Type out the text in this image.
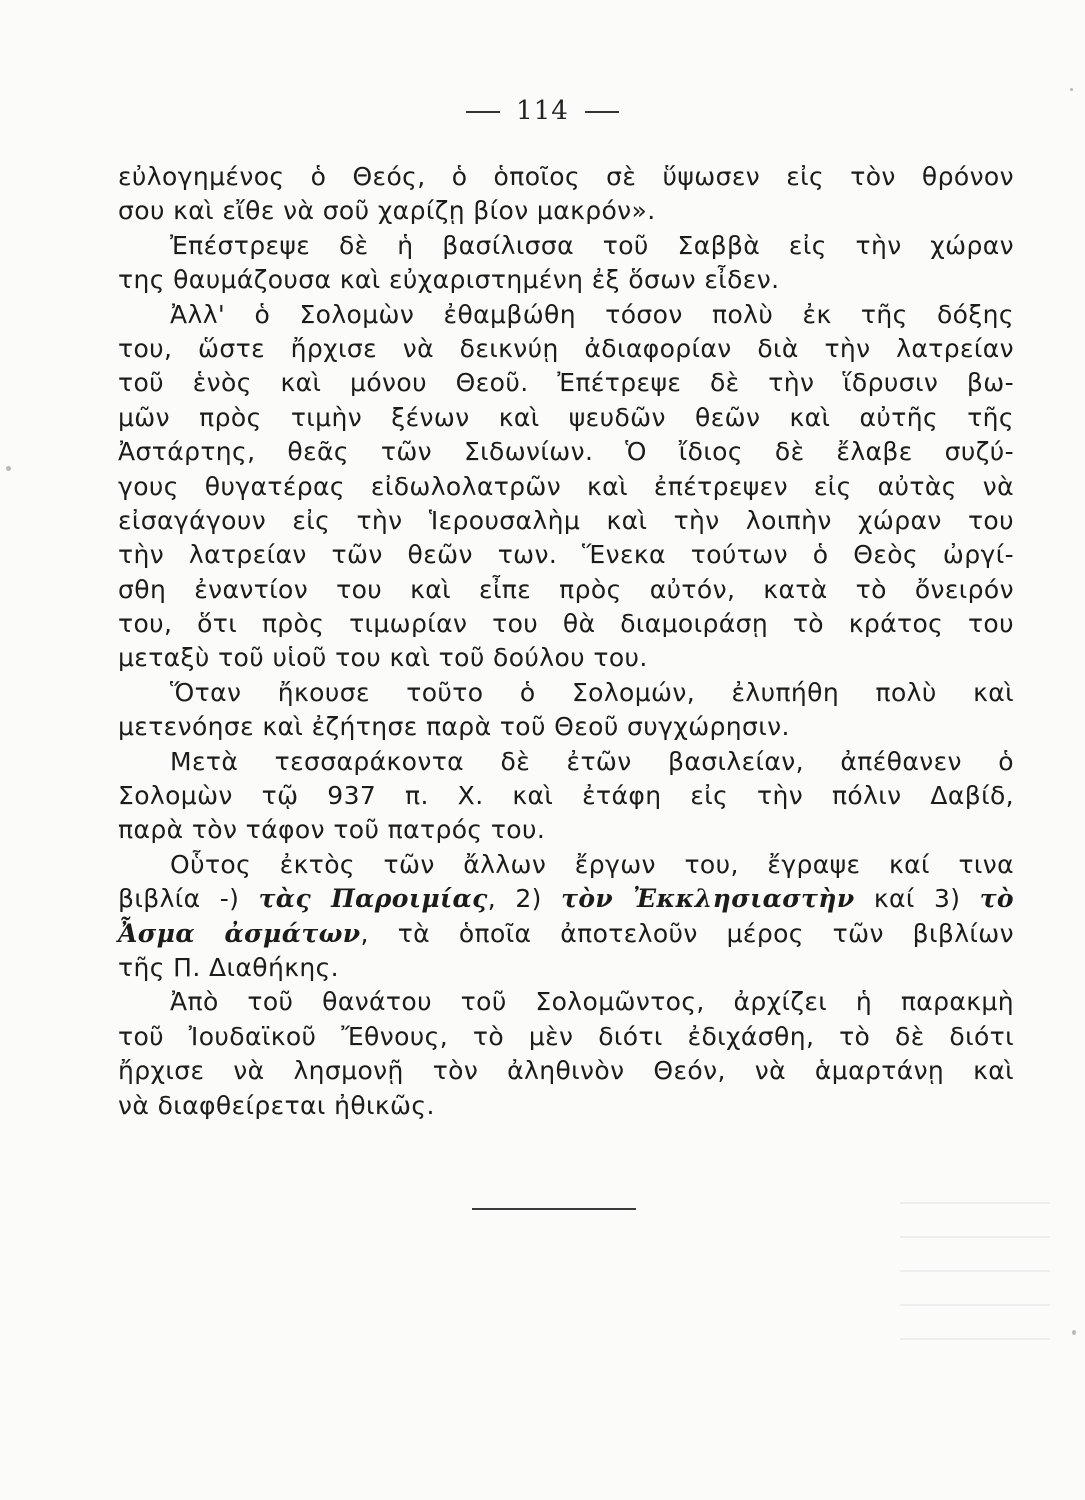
114
εὐλογημένος ὁ Θεός, ὁ ὁποῖος σὲ ὕψωσεν εἰς τὸν θρόνον
σου καὶ εἴθε νὰ σοῦ χαρίζῃ βίον μακρόν».
Ἐπέστρεψε δὲ ἡ βασίλισσα τοῦ Σαββὰ εἰς τὴν χώραν
της θαυμάζουσα καὶ εὐχαριστημένη ἐξ ὅσων εἶδεν.
Ἀλλ' ὁ Σολομὼν ἐθαμβώθη τόσον πολὺ ἐκ τῆς δόξης
του, ὥστε ἤρχισε νὰ δεικνύῃ ἀδιαφορίαν διὰ τὴν λατρείαν
τοῦ ἑνὸς καὶ μόνου Θεοῦ. Ἐπέτρεψε δὲ τὴν ἵδρυσιν βω-
μῶν πρὸς τιμὴν ξένων καὶ ψευδῶν θεῶν καὶ αὐτῆς τῆς
Ἀστάρτης, θεᾶς τῶν Σιδωνίων. Ὁ ἴδιος δὲ ἔλαβε συζύ-
γους θυγατέρας εἰδωλολατρῶν καὶ ἐπέτρεψεν εἰς αὐτὰς νὰ
εἰσαγάγουν εἰς τὴν Ἱερουσαλὴμ καὶ τὴν λοιπὴν χώραν του
τὴν λατρείαν τῶν θεῶν των. Ἕνεκα τούτων ὁ Θεὸς ὠργί-
σθη ἐναντίον του καὶ εἶπε πρὸς αὐτόν, κατὰ τὸ ὄνειρόν
του, ὅτι πρὸς τιμωρίαν του θὰ διαμοιράσῃ τὸ κράτος του
μεταξὺ τοῦ υἱοῦ του καὶ τοῦ δούλου του.
Ὅταν ἤκουσε τοῦτο ὁ Σολομών, ἐλυπήθη πολὺ καὶ
μετενόησε καὶ ἐζήτησε παρὰ τοῦ Θεοῦ συγχώρησιν.
Μετὰ τεσσαράκοντα δὲ ἐτῶν βασιλείαν, ἀπέθανεν ὁ
Σολομὼν τῷ 937 π. Χ. καὶ ἐτάφη εἰς τὴν πόλιν Δαβίδ,
παρὰ τὸν τάφον τοῦ πατρός του.
Οὗτος ἐκτὸς τῶν ἄλλων ἔργων του, ἔγραψε καί τινα
βιβλία -) τὰς Παροιμίας, 2) τὸν Ἐκκλησιαστὴν καί 3) τὸ
Ἆσμα ἀσμάτων, τὰ ὁποῖα ἀποτελοῦν μέρος τῶν βιβλίων
τῆς Π. Διαθήκης.
Ἀπὸ τοῦ θανάτου τοῦ Σολομῶντος, ἀρχίζει ἡ παρακμὴ
τοῦ Ἰουδαϊκοῦ Ἔθνους, τὸ μὲν διότι ἐδιχάσθη, τὸ δὲ διότι
ἤρχισε νὰ λησμονῇ τὸν ἀληθινὸν Θεόν, νὰ ἁμαρτάνῃ καὶ
νὰ διαφθείρεται ἠθικῶς.
